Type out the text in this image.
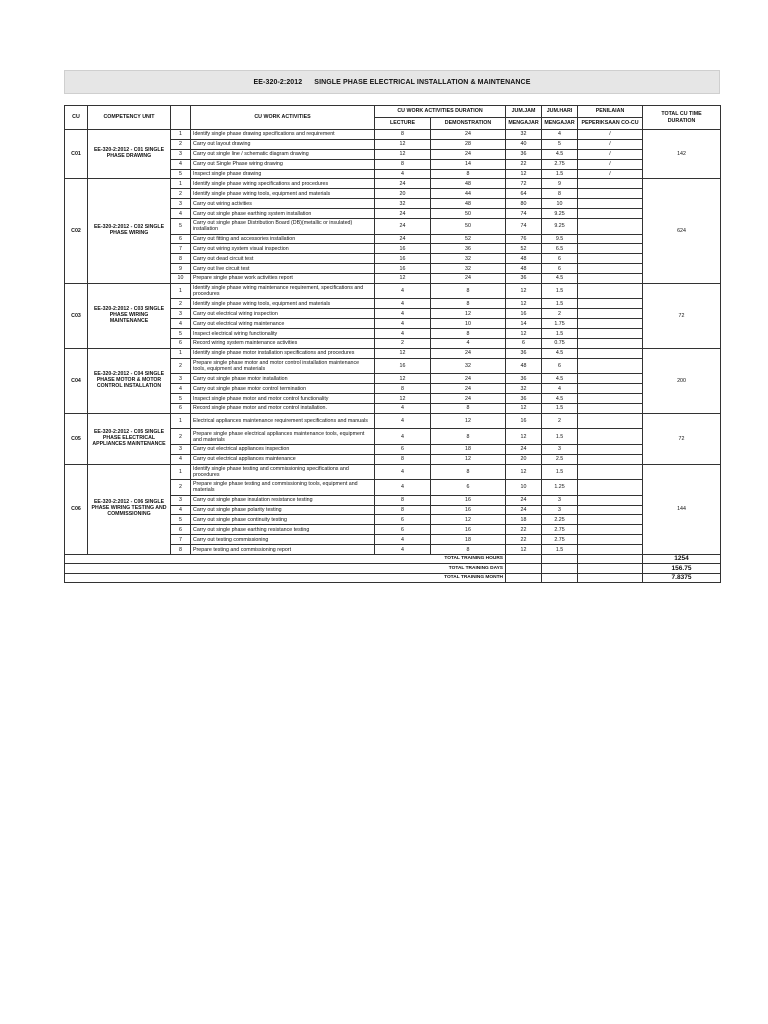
EE-320-2:2012 SINGLE PHASE ELECTRICAL INSTALLATION & MAINTENANCE
CU	COMPETENCY UNIT		CU WORK ACTIVITIES	CU WORK ACTIVITIES DURATION		JUM.JAM	JUM.HARI	PENILAIAN	TOTAL CU TIME
DURATION
				LECTURE	DEMONSTRATION	MENGAJAR	MENGAJAR	PEPERIKSAAN CO-CU	
C01	EE-320-2:2012 - C01 SINGLE PHASE DRAWING	1	Identify single phase drawing specifications and requirement	8	24	32	4	/	142
		2	Carry out layout drawing	12	28	40	5	/	
		3	Carry out single line / schematic diagram drawing	12	24	36	4.5	/	
		4	Carry out Single Phase wiring drawing	8	14	22	2.75	/	
		5	Inspect single phase drawing	4	8	12	1.5	/	
C02	EE-320-2:2012 - C02 SINGLE PHASE WIRING	1	Identify single phase wiring specifications and procedures	24	48	72	9		624
		2	Identify single phase wiring tools, equipment and materials	20	44	64	8		
		3	Carry out wiring activities	32	48	80	10		
		4	Carry out single phase earthing system installation	24	50	74	9.25		
		5	Carry out single phase Distribution Board (DB)(metallic or insulated) installation	24	50	74	9.25		
		6	Carry out fitting and accessories installation	24	52	76	9.5		
		7	Carry out wiring system visual inspection	16	36	52	6.5		
		8	Carry out dead circuit test	16	32	48	6		
		9	Carry out live circuit test	16	32	48	6		
		10	Prepare single phase work activities report	12	24	36	4.5		
C03	EE-320-2:2012 - C03 SINGLE PHASE WIRING MAINTENANCE	1	Identify single phase wiring maintenance requirement, specifications and procedures	4	8	12	1.5		72
		2	Identify single phase wiring tools, equipment and materials	4	8	12	1.5		
		3	Carry out electrical wiring inspection	4	12	16	2		
		4	Carry out electrical wiring maintenance	4	10	14	1.75		
		5	Inspect electrical wiring functionality	4	8	12	1.5		
		6	Record wiring system maintenance activities	2	4	6	0.75		
C04	EE-320-2:2012 - C04 SINGLE PHASE MOTOR & MOTOR CONTROL INSTALLATION	1	Identify single phase motor installation specifications and procedures	12	24	36	4.5		200
		2	Prepare single phase motor and motor control installation maintenance tools, equipment and materials	16	32	48	6		
		3	Carry out single phase motor installation	12	24	36	4.5		
		4	Carry out single phase motor control termination	8	24	32	4		
		5	Inspect single phase motor and motor control functionality	12	24	36	4.5		
		6	Record single phase motor and motor control installation.	4	8	12	1.5		
C05	EE-320-2:2012 - C05 SINGLE PHASE ELECTRICAL APPLIANCES MAINTENANCE	1	Electrical appliances maintenance requirement specifications and manuals	4	12	16	2		72
		2	Prepare single phase electrical appliances maintenance tools, equipment and materials	4	8	12	1.5		
		3	Carry out electrical appliances inspection	6	18	24	3		
		4	Carry out electrical appliances maintenance	8	12	20	2.5		
C06	EE-320-2:2012 - C06 SINGLE PHASE WIRING TESTING AND COMMISSIONING	1	Identify single phase testing and commissioning specifications and procedures	4	8	12	1.5		144
		2	Prepare single phase testing and commissioning tools, equipment and materials	4	6	10	1.25		
		3	Carry out single phase insulation resistance testing	8	16	24	3		
		4	Carry out single phase polarity testing	8	16	24	3		
		5	Carry out single phase continuity testing	6	12	18	2.25		
		6	Carry out single phase earthing resistance testing	6	16	22	2.75		
		7	Carry out testing commissioning	4	18	22	2.75		
		8	Prepare testing and commissioning report	4	8	12	1.5		
TOTAL TRAINING HOURS									1254
TOTAL TRAINING DAYS									156.75
TOTAL TRAINING MONTH									7.8375
